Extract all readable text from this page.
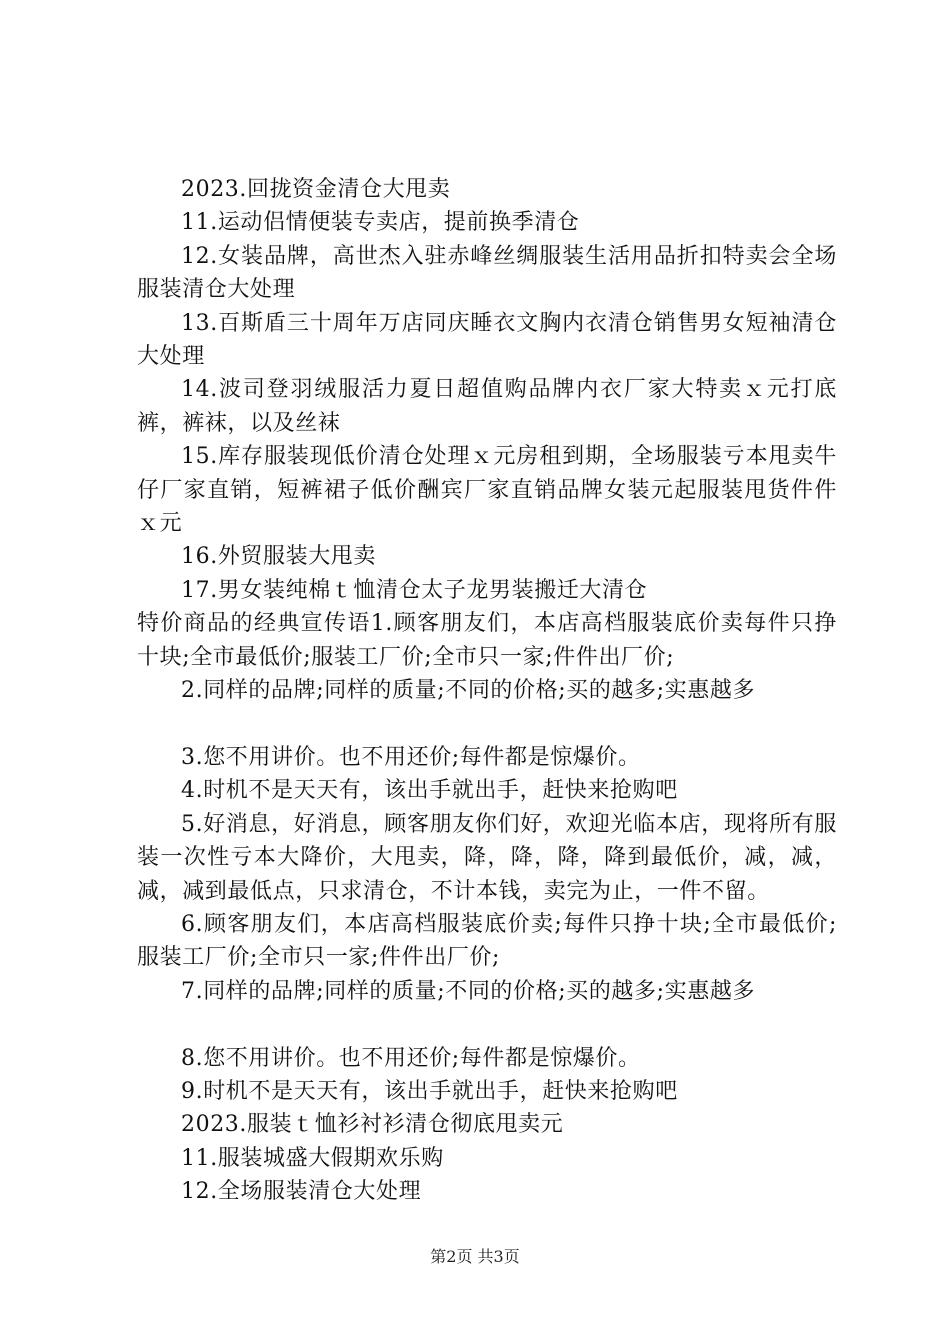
2023.回拢资金清仓大甩卖

11.运动侣情便装专卖店，提前换季清仓

12.女装品牌，高世杰入驻赤峰丝绸服装生活用品折扣特卖会全场服装清仓大处理

13.百斯盾三十周年万店同庆睡衣文胸内衣清仓销售男女短袖清仓大处理

14.波司登羽绒服活力夏日超值购品牌内衣厂家大特卖ｘ元打底裤，裤袜，以及丝袜

15.库存服装现低价清仓处理ｘ元房租到期，全场服装亏本甩卖牛仔厂家直销，短裤裙子低价酬宾厂家直销品牌女装元起服装甩货件件ｘ元

16.外贸服装大甩卖

17.男女装纯棉ｔ恤清仓太子龙男装搬迁大清仓

特价商品的经典宣传语1.顾客朋友们，本店高档服装底价卖每件只挣十块;全市最低价;服装工厂价;全市只一家;件件出厂价;

2.同样的品牌;同样的质量;不同的价格;买的越多;实惠越多

3.您不用讲价。也不用还价;每件都是惊爆价。

4.时机不是天天有，该出手就出手，赶快来抢购吧

5.好消息，好消息，顾客朋友你们好，欢迎光临本店，现将所有服装一次性亏本大降价，大甩卖，降，降，降，降到最低价，减，减，减，减到最低点，只求清仓，不计本钱，卖完为止，一件不留。

6.顾客朋友们，本店高档服装底价卖;每件只挣十块;全市最低价;服装工厂价;全市只一家;件件出厂价;

7.同样的品牌;同样的质量;不同的价格;买的越多;实惠越多

8.您不用讲价。也不用还价;每件都是惊爆价。

9.时机不是天天有，该出手就出手，赶快来抢购吧

2023.服装ｔ恤衫衬衫清仓彻底甩卖元

11.服装城盛大假期欢乐购

12.全场服装清仓大处理

第2页 共3页
